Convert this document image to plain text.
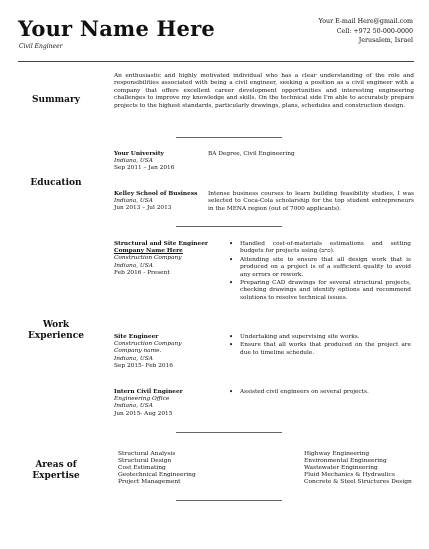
Your Name Here
Civil Engineer
Your E-mail Here@gmail.com
Cell: +972 50-000-0000
Jerusalem, Israel
Summary
An enthusiastic and highly motivated individual who has a clear understanding of the role and responsibilities associated with being a civil engineer, seeking a position as a civil engineer with a company that offers excellent career development opportunities and interesting engineering challenges to improve my knowledge and skills. On the technical side I'm able to accurately prepare projects to the highest standards, particularly drawings, plans, schedules and construction design.
Education
Your University
Indiana, USA
Sep 2011 – Jan 2016
BA Degree, Civil Engineering
Kelley School of Business
Indiana, USA
Jun 2013 – Jul 2013
Intense business courses to learn building feasibility studies, I was selected to Coca-Cola scholarship for the top student entrepreneurs in the MENA region (out of 7000 applicants).
Work Experience
Structural and Site Engineer
Company Name Here
Construction Company
Indiana, USA
Feb 2016 - Present
• Handled cost-of-materials estimations and setting budgets for projects using (כתב).
• Attending site to ensure that all design work that is produced on a project is of a sufficient quality to avoid any errors or rework.
• Preparing CAD drawings for several structural projects, checking drawings and identify options and recommend solutions to resolve technical issues.
Site Engineer
Construction Company
Company name.
Indiana, USA
Sep 2015- Feb 2016
• Undertaking and supervising site works.
• Ensure that all works that produced on the project are due to timeline schedule.
Intern Civil Engineer
Engineering Office
Indiana, USA
Jun 2015- Aug 2015
• Assisted civil engineers on several projects.
Areas of Expertise
Structural Analysis
Structural Design
Cost Estimating
Geotechnical Engineering
Project Management
Highway Engineering
Environmental Engineering
Wastewater Engineering
Fluid Mechanics & Hydraulics
Concrete & Steel Structures Design
